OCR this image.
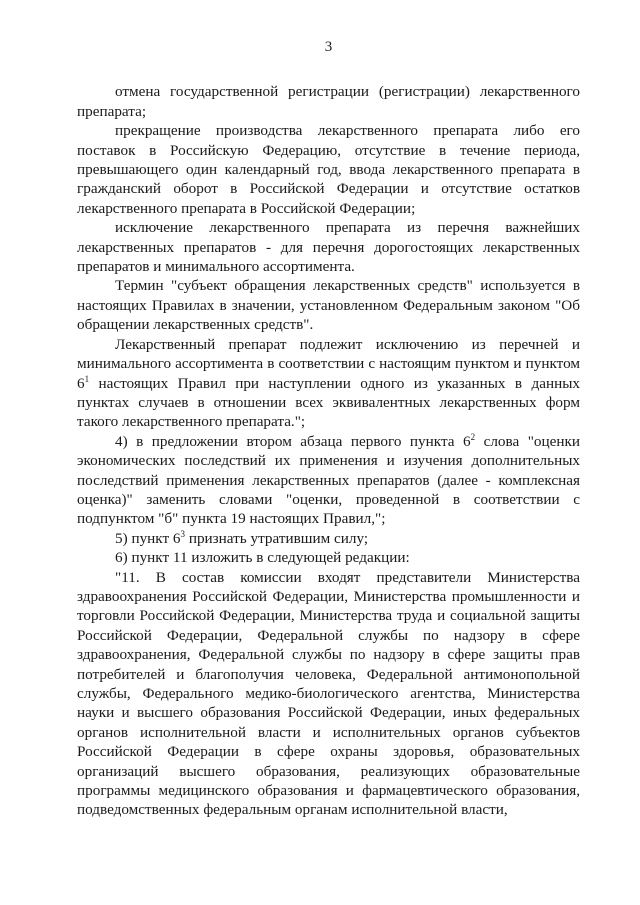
3

отмена государственной регистрации (регистрации) лекарственного препарата;

прекращение производства лекарственного препарата либо его поставок в Российскую Федерацию, отсутствие в течение периода, превышающего один календарный год, ввода лекарственного препарата в гражданский оборот в Российской Федерации и отсутствие остатков лекарственного препарата в Российской Федерации;

исключение лекарственного препарата из перечня важнейших лекарственных препаратов - для перечня дорогостоящих лекарственных препаратов и минимального ассортимента.

Термин "субъект обращения лекарственных средств" используется в настоящих Правилах в значении, установленном Федеральным законом "Об обращении лекарственных средств".

Лекарственный препарат подлежит исключению из перечней и минимального ассортимента в соответствии с настоящим пунктом и пунктом $6^1$ настоящих Правил при наступлении одного из указанных в данных пунктах случаев в отношении всех эквивалентных лекарственных форм такого лекарственного препарата.";

4) в предложении втором абзаца первого пункта $6^2$ слова "оценки экономических последствий их применения и изучения дополнительных последствий применения лекарственных препаратов (далее - комплексная оценка)" заменить словами "оценки, проведенной в соответствии с подпунктом "б" пункта 19 настоящих Правил,";

5) пункт $6^3$ признать утратившим силу;

6) пункт 11 изложить в следующей редакции:

"11. В состав комиссии входят представители Министерства здравоохранения Российской Федерации, Министерства промышленности и торговли Российской Федерации, Министерства труда и социальной защиты Российской Федерации, Федеральной службы по надзору в сфере здравоохранения, Федеральной службы по надзору в сфере защиты прав потребителей и благополучия человека, Федеральной антимонопольной службы, Федерального медико-биологического агентства, Министерства науки и высшего образования Российской Федерации, иных федеральных органов исполнительной власти и исполнительных органов субъектов Российской Федерации в сфере охраны здоровья, образовательных организаций высшего образования, реализующих образовательные программы медицинского образования и фармацевтического образования, подведомственных федеральным органам исполнительной власти,
